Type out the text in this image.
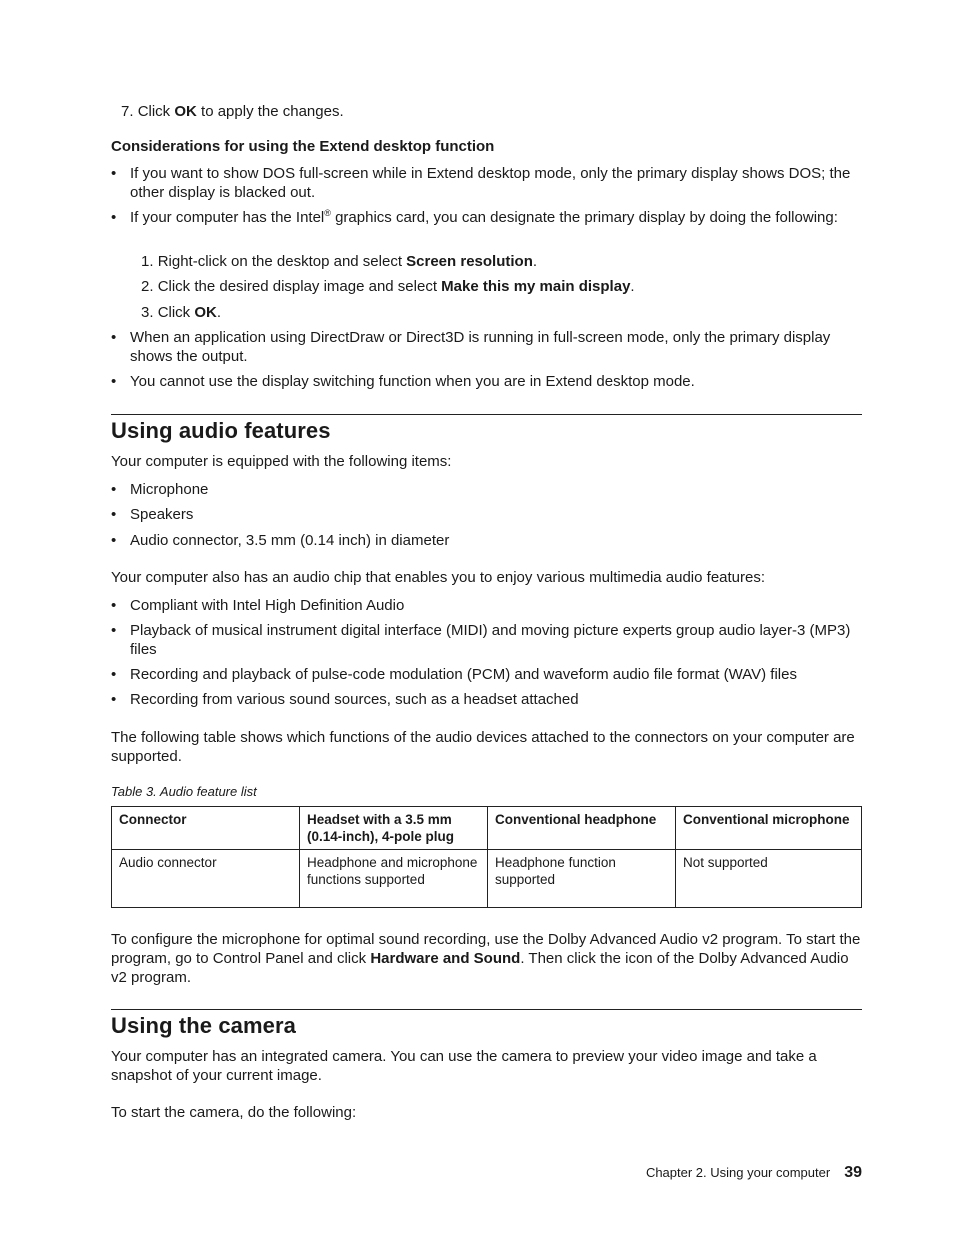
7. Click OK to apply the changes.

Considerations for using the Extend desktop function
• If you want to show DOS full-screen while in Extend desktop mode, only the primary display shows DOS; the other display is blacked out.
• If your computer has the Intel® graphics card, you can designate the primary display by doing the following:
1. Right-click on the desktop and select Screen resolution.
2. Click the desired display image and select Make this my main display.
3. Click OK.
• When an application using DirectDraw or Direct3D is running in full-screen mode, only the primary display shows the output.
• You cannot use the display switching function when you are in Extend desktop mode.
Using audio features

Your computer is equipped with the following items:

• Microphone
• Speakers
• Audio connector, 3.5 mm (0.14 inch) in diameter

Your computer also has an audio chip that enables you to enjoy various multimedia audio features:

• Compliant with Intel High Definition Audio
• Playback of musical instrument digital interface (MIDI) and moving picture experts group audio layer-3 (MP3) files
• Recording and playback of pulse-code modulation (PCM) and waveform audio file format (WAV) files
• Recording from various sound sources, such as a headset attached

The following table shows which functions of the audio devices attached to the connectors on your computer are supported.

Table 3. Audio feature list
Connector	Headset with a 3.5 mm (0.14-inch), 4-pole plug	Conventional headphone	Conventional microphone
Audio connector	Headphone and microphone functions supported	Headphone function supported	Not supported

To configure the microphone for optimal sound recording, use the Dolby Advanced Audio v2 program. To start the program, go to Control Panel and click Hardware and Sound. Then click the icon of the Dolby Advanced Audio v2 program.

Using the camera

Your computer has an integrated camera. You can use the camera to preview your video image and take a snapshot of your current image.

To start the camera, do the following:

Chapter 2. Using your computer 39
